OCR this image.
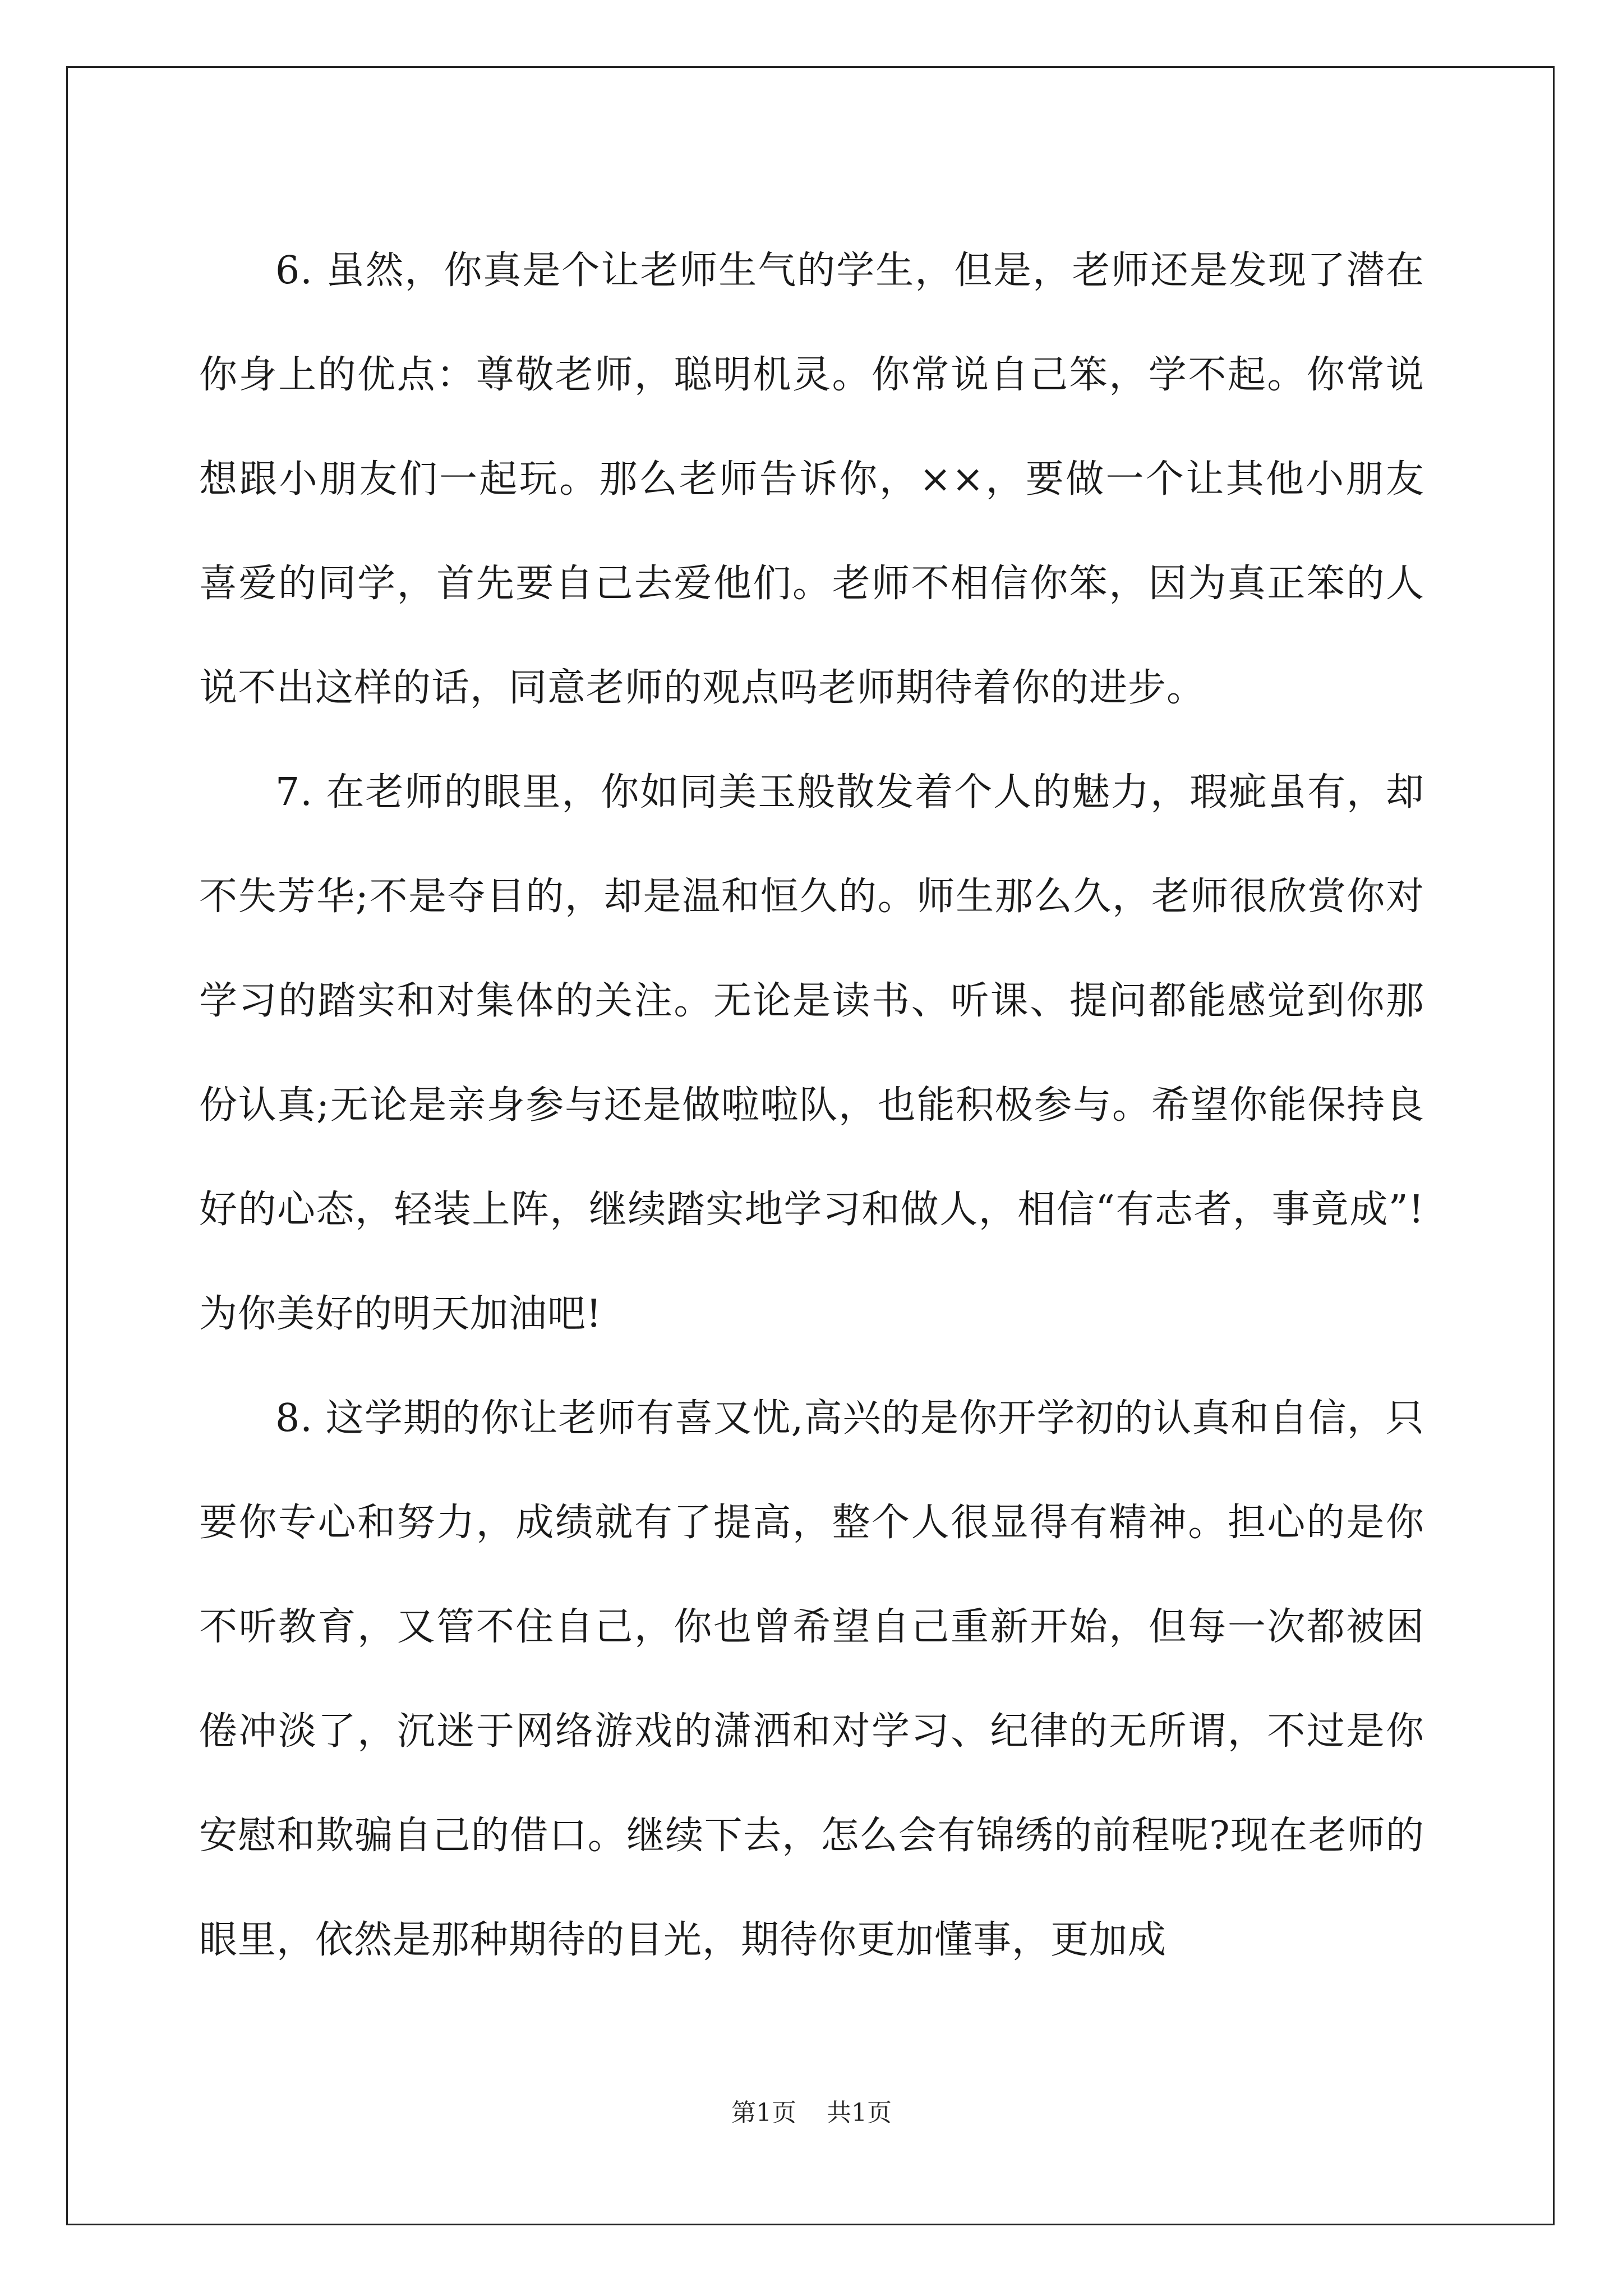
6. 虽然，你真是个让老师生气的学生，但是，老师还是发现了潜在你身上的优点：尊敬老师，聪明机灵。你常说自己笨，学不起。你常说想跟小朋友们一起玩。那么老师告诉你，××，要做一个让其他小朋友喜爱的同学，首先要自己去爱他们。老师不相信你笨，因为真正笨的人说不出这样的话，同意老师的观点吗老师期待着你的进步。

7. 在老师的眼里，你如同美玉般散发着个人的魅力，瑕疵虽有，却不失芳华;不是夺目的，却是温和恒久的。师生那么久，老师很欣赏你对学习的踏实和对集体的关注。无论是读书、听课、提问都能感觉到你那份认真;无论是亲身参与还是做啦啦队，也能积极参与。希望你能保持良好的心态，轻装上阵，继续踏实地学习和做人，相信“有志者，事竟成”!为你美好的明天加油吧!

8. 这学期的你让老师有喜又忧,高兴的是你开学初的认真和自信，只要你专心和努力，成绩就有了提高，整个人很显得有精神。担心的是你不听教育，又管不住自己，你也曾希望自己重新开始，但每一次都被困倦冲淡了，沉迷于网络游戏的潇洒和对学习、纪律的无所谓，不过是你安慰和欺骗自己的借口。继续下去，怎么会有锦绣的前程呢?现在老师的眼里，依然是那种期待的目光，期待你更加懂事，更加成

第1页 共1页
